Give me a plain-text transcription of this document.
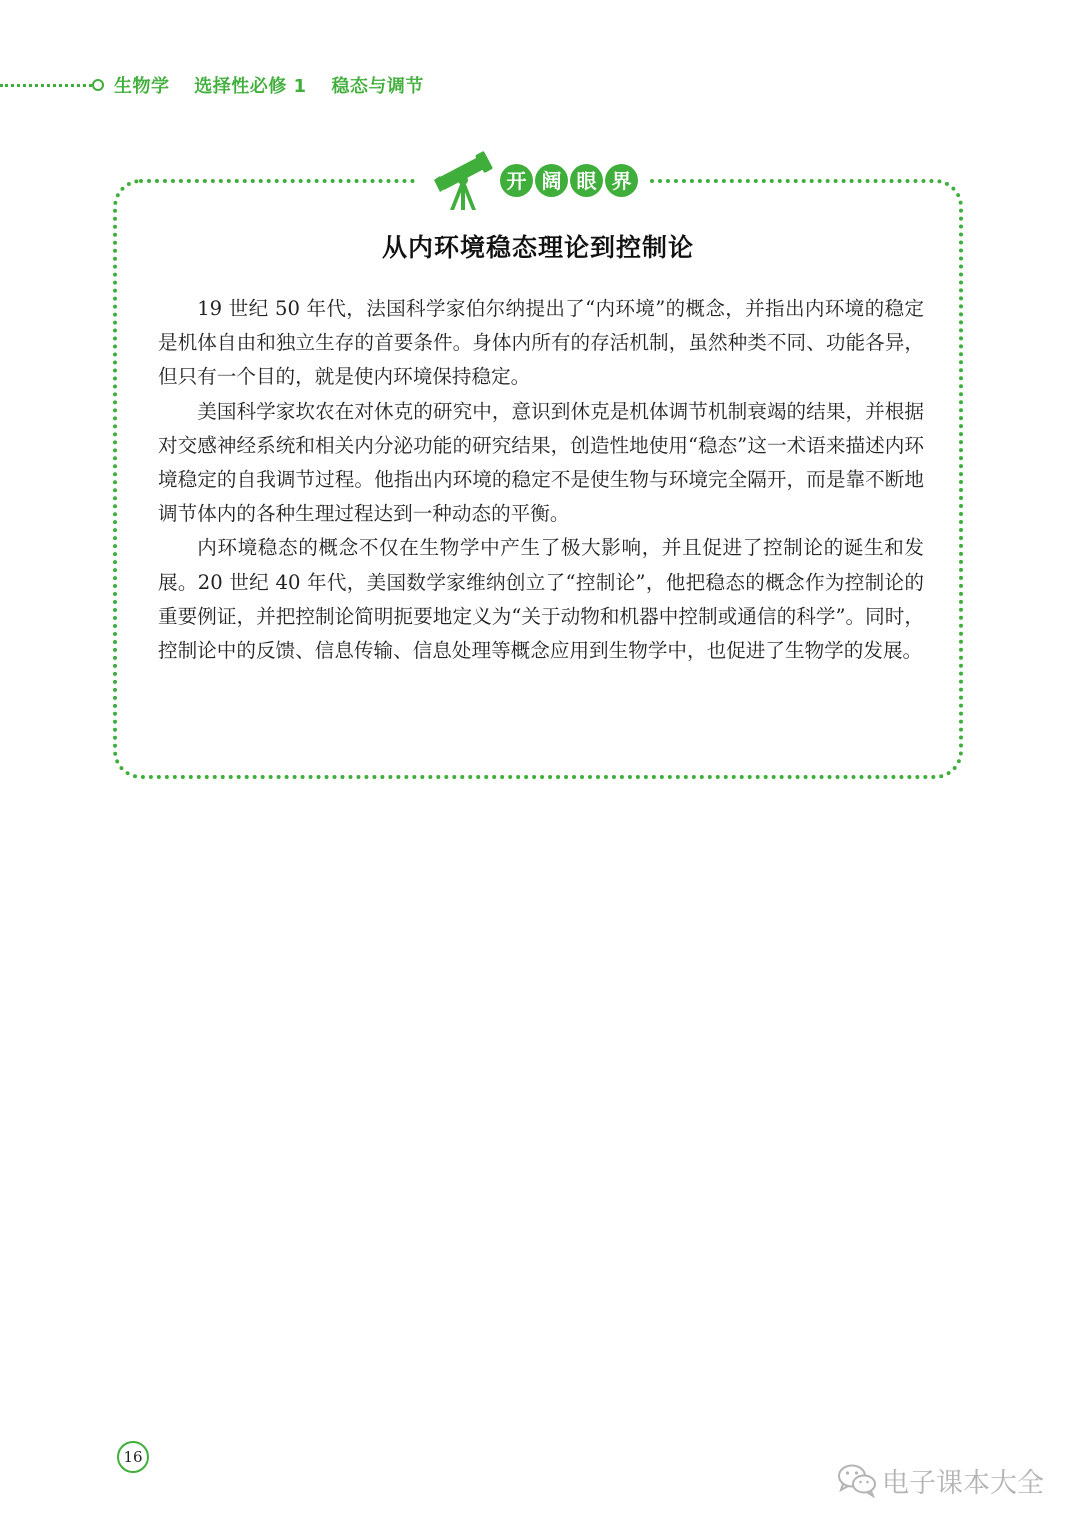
生物学 选择性必修 1 稳态与调节
开 阔 眼 界
从内环境稳态理论到控制论

19 世纪 50 年代，法国科学家伯尔纳提出了“内环境”的概念，并指出内环境的稳定是机体自由和独立生存的首要条件。身体内所有的存活机制，虽然种类不同、功能各异，但只有一个目的，就是使内环境保持稳定。

美国科学家坎农在对休克的研究中，意识到休克是机体调节机制衰竭的结果，并根据对交感神经系统和相关内分泌功能的研究结果，创造性地使用“稳态”这一术语来描述内环境稳定的自我调节过程。他指出内环境的稳定不是使生物与环境完全隔开，而是靠不断地调节体内的各种生理过程达到一种动态的平衡。

内环境稳态的概念不仅在生物学中产生了极大影响，并且促进了控制论的诞生和发展。20 世纪 40 年代，美国数学家维纳创立了“控制论”，他把稳态的概念作为控制论的重要例证，并把控制论简明扼要地定义为“关于动物和机器中控制或通信的科学”。同时，控制论中的反馈、信息传输、信息处理等概念应用到生物学中，也促进了生物学的发展。

16
电子课本大全
